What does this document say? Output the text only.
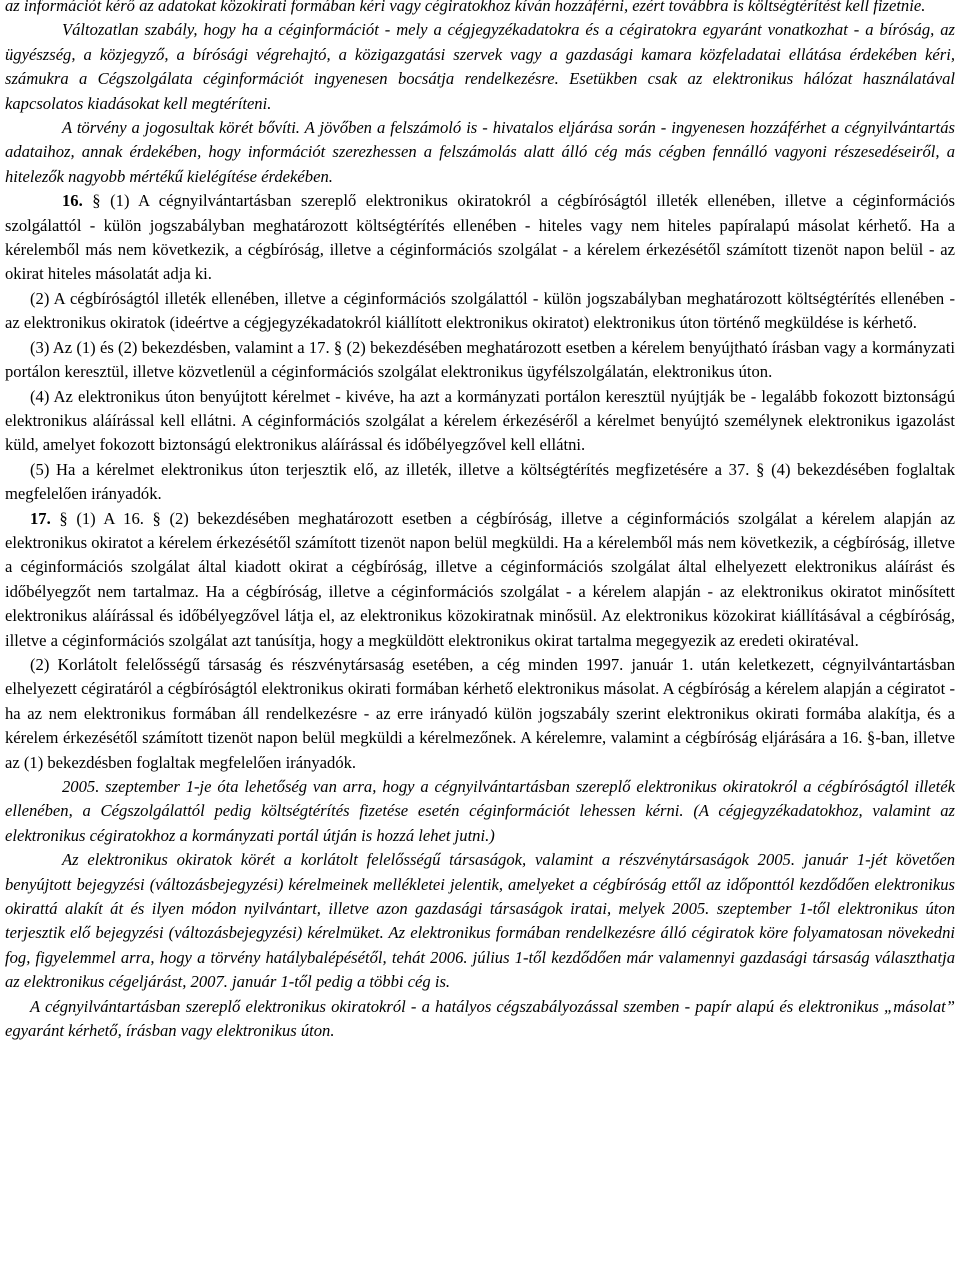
az információt kérő az adatokat közokirati formában kéri vagy cégiratokhoz kíván hozzáférni, ezért továbbra is költségtérítést kell fizetnie.

Változatlan szabály, hogy ha a céginformációt - mely a cégjegyzékadatokra és a cégiratokra egyaránt vonatkozhat - a bíróság, az ügyészség, a közjegyző, a bírósági végrehajtó, a közigazgatási szervek vagy a gazdasági kamara közfeladatai ellátása érdekében kéri, számukra a Cégszolgálata céginformációt ingyenesen bocsátja rendelkezésre. Esetükben csak az elektronikus hálózat használatával kapcsolatos kiadásokat kell megtéríteni.

A törvény a jogosultak körét bővíti. A jövőben a felszámoló is - hivatalos eljárása során - ingyenesen hozzáférhet a cégnyilvántartás adataihoz, annak érdekében, hogy információt szerezhessen a felszámolás alatt álló cég más cégben fennálló vagyoni részesedéseiről, a hitelezők nagyobb mértékű kielégítése érdekében.

16. § (1) A cégnyilvántartásban szereplő elektronikus okiratokról a cégbíróságtól illeték ellenében, illetve a céginformációs szolgálattól - külön jogszabályban meghatározott költségtérítés ellenében - hiteles vagy nem hiteles papíralapú másolat kérhető. Ha a kérelemből más nem következik, a cégbíróság, illetve a céginformációs szolgálat - a kérelem érkezésétől számított tizenöt napon belül - az okirat hiteles másolatát adja ki.

(2) A cégbíróságtól illeték ellenében, illetve a céginformációs szolgálattól - külön jogszabályban meghatározott költségtérítés ellenében - az elektronikus okiratok (ideértve a cégjegyzékadatokról kiállított elektronikus okiratot) elektronikus úton történő megküldése is kérhető.

(3) Az (1) és (2) bekezdésben, valamint a 17. § (2) bekezdésében meghatározott esetben a kérelem benyújtható írásban vagy a kormányzati portálon keresztül, illetve közvetlenül a céginformációs szolgálat elektronikus ügyfélszolgálatán, elektronikus úton.

(4) Az elektronikus úton benyújtott kérelmet - kivéve, ha azt a kormányzati portálon keresztül nyújtják be - legalább fokozott biztonságú elektronikus aláírással kell ellátni. A céginformációs szolgálat a kérelem érkezéséről a kérelmet benyújtó személynek elektronikus igazolást küld, amelyet fokozott biztonságú elektronikus aláírással és időbélyegzővel kell ellátni.

(5) Ha a kérelmet elektronikus úton terjesztik elő, az illeték, illetve a költségtérítés megfizetésére a 37. § (4) bekezdésében foglaltak megfelelően irányadók.

17. § (1) A 16. § (2) bekezdésében meghatározott esetben a cégbíróság, illetve a céginformációs szolgálat a kérelem alapján az elektronikus okiratot a kérelem érkezésétől számított tizenöt napon belül megküldi. Ha a kérelemből más nem következik, a cégbíróság, illetve a céginformációs szolgálat által kiadott okirat a cégbíróság, illetve a céginformációs szolgálat által elhelyezett elektronikus aláírást és időbélyegzőt nem tartalmaz. Ha a cégbíróság, illetve a céginformációs szolgálat - a kérelem alapján - az elektronikus okiratot minősített elektronikus aláírással és időbélyegzővel látja el, az elektronikus közokiratnak minősül. Az elektronikus közokirat kiállításával a cégbíróság, illetve a céginformációs szolgálat azt tanúsítja, hogy a megküldött elektronikus okirat tartalma megegyezik az eredeti okiratéval.

(2) Korlátolt felelősségű társaság és részvénytársaság esetében, a cég minden 1997. január 1. után keletkezett, cégnyilvántartásban elhelyezett cégiratáról a cégbíróságtól elektronikus okirati formában kérhető elektronikus másolat. A cégbíróság a kérelem alapján a cégiratot - ha az nem elektronikus formában áll rendelkezésre - az erre irányadó külön jogszabály szerint elektronikus okirati formába alakítja, és a kérelem érkezésétől számított tizenöt napon belül megküldi a kérelmezőnek. A kérelemre, valamint a cégbíróság eljárására a 16. §-ban, illetve az (1) bekezdésben foglaltak megfelelően irányadók.

2005. szeptember 1-je óta lehetőség van arra, hogy a cégnyilvántartásban szereplő elektronikus okiratokról a cégbíróságtól illeték ellenében, a Cégszolgálattól pedig költségtérítés fizetése esetén céginformációt lehessen kérni. (A cégjegyzékadatokhoz, valamint az elektronikus cégiratokhoz a kormányzati portál útján is hozzá lehet jutni.)

Az elektronikus okiratok körét a korlátolt felelősségű társaságok, valamint a részvénytársaságok 2005. január 1-jét követően benyújtott bejegyzési (változásbejegyzési) kérelmeinek mellékletei jelentik, amelyeket a cégbíróság ettől az időponttól kezdődően elektronikus okirattá alakít át és ilyen módon nyilvántart, illetve azon gazdasági társaságok iratai, melyek 2005. szeptember 1-től elektronikus úton terjesztik elő bejegyzési (változásbejegyzési) kérelmüket. Az elektronikus formában rendelkezésre álló cégiratok köre folyamatosan növekedni fog, figyelemmel arra, hogy a törvény hatálybalépésétől, tehát 2006. július 1-től kezdődően már valamennyi gazdasági társaság választhatja az elektronikus cégeljárást, 2007. január 1-től pedig a többi cég is.

A cégnyilvántartásban szereplő elektronikus okiratokról - a hatályos cégszabályozással szemben - papír alapú és elektronikus „másolat” egyaránt kérhető, írásban vagy elektronikus úton.
